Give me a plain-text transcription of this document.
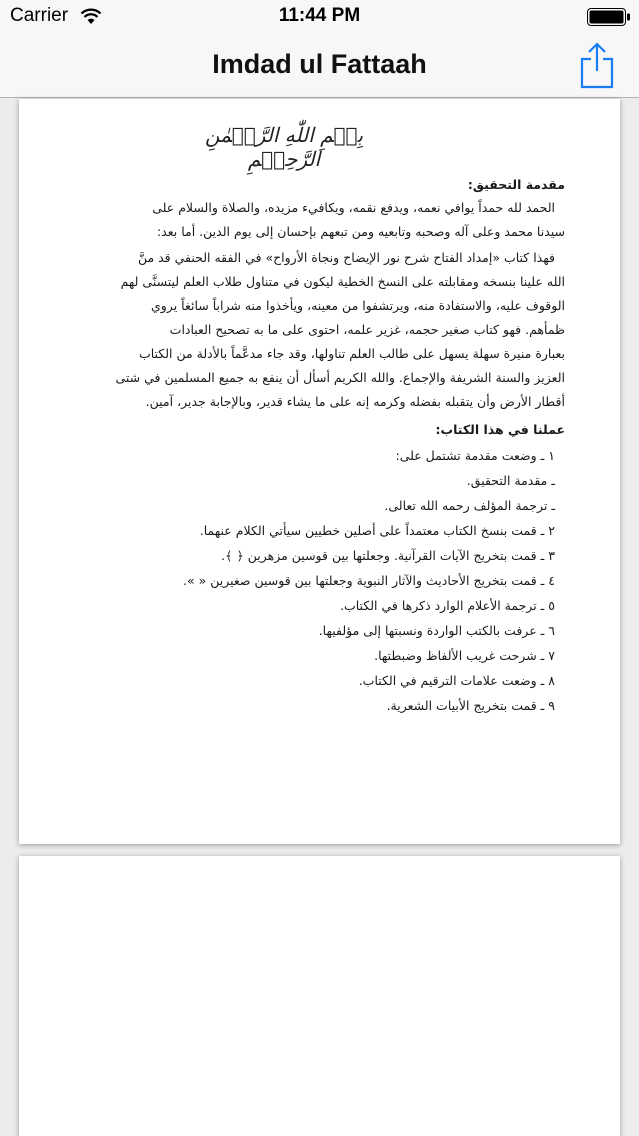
Carrier	11:44 PM
Imdad ul Fattaah
بِسۡمِ اللّٰهِ الرَّحۡمٰنِ الرَّحِيۡمِ
مقدمة التحقيق:
الحمد لله حمداً يوافي نعمه، ويدفع نقمه، ويكافيء مزيده، والصلاة والسلام على
سيدنا محمد وعلى آله وصحبه وتابعيه ومن تبعهم بإحسان إلى يوم الدين. أما بعد:
فهذا كتاب «إمداد الفتاح شرح نور الإيضاح ونجاة الأرواح» في الفقه الحنفي قد منَّ
الله علينا بنسخه ومقابلته على النسخ الخطية ليكون في متناول طلاب العلم ليتسنَّى لهم
الوقوف عليه، والاستفادة منه، ويرتشفوا من معينه، ويأخذوا منه شراباً سائغاً يروي
ظمأهم. فهو كتاب صغير حجمه، غزير علمه، احتوى على ما به تصحيح العبادات
بعبارة منيرة سهلة يسهل على طالب العلم تناولها، وقد جاء مدعَّماً بالأدلة من الكتاب
العزيز والسنة الشريفة والإجماع. والله الكريم أسأل أن ينفع به جميع المسلمين في شتى
أقطار الأرض وأن يتقبله بفضله وكرمه إنه على ما يشاء قدير، وبالإجابة جدير، آمين.
عملنا في هذا الكتاب:
١ ـ وضعت مقدمة تشتمل على:
ـ مقدمة التحقيق.
ـ ترجمة المؤلف رحمه الله تعالى.
٢ ـ قمت بنسخ الكتاب معتمداً على أصلين خطيين سيأتي الكلام عنهما.
٣ ـ قمت بتخريج الآيات القرآنية. وجعلتها بين قوسين مزهرين ﴿ ﴾.
٤ ـ قمت بتخريج الأحاديث والآثار النبوية وجعلتها بين قوسين صغيرين « ».
٥ ـ ترجمة الأعلام الوارد ذكرها في الكتاب.
٦ ـ عرفت بالكتب الواردة ونسبتها إلى مؤلفيها.
٧ ـ شرحت غريب الألفاظ وضبطتها.
٨ ـ وضعت علامات الترقيم في الكتاب.
٩ ـ قمت بتخريج الأبيات الشعرية.
